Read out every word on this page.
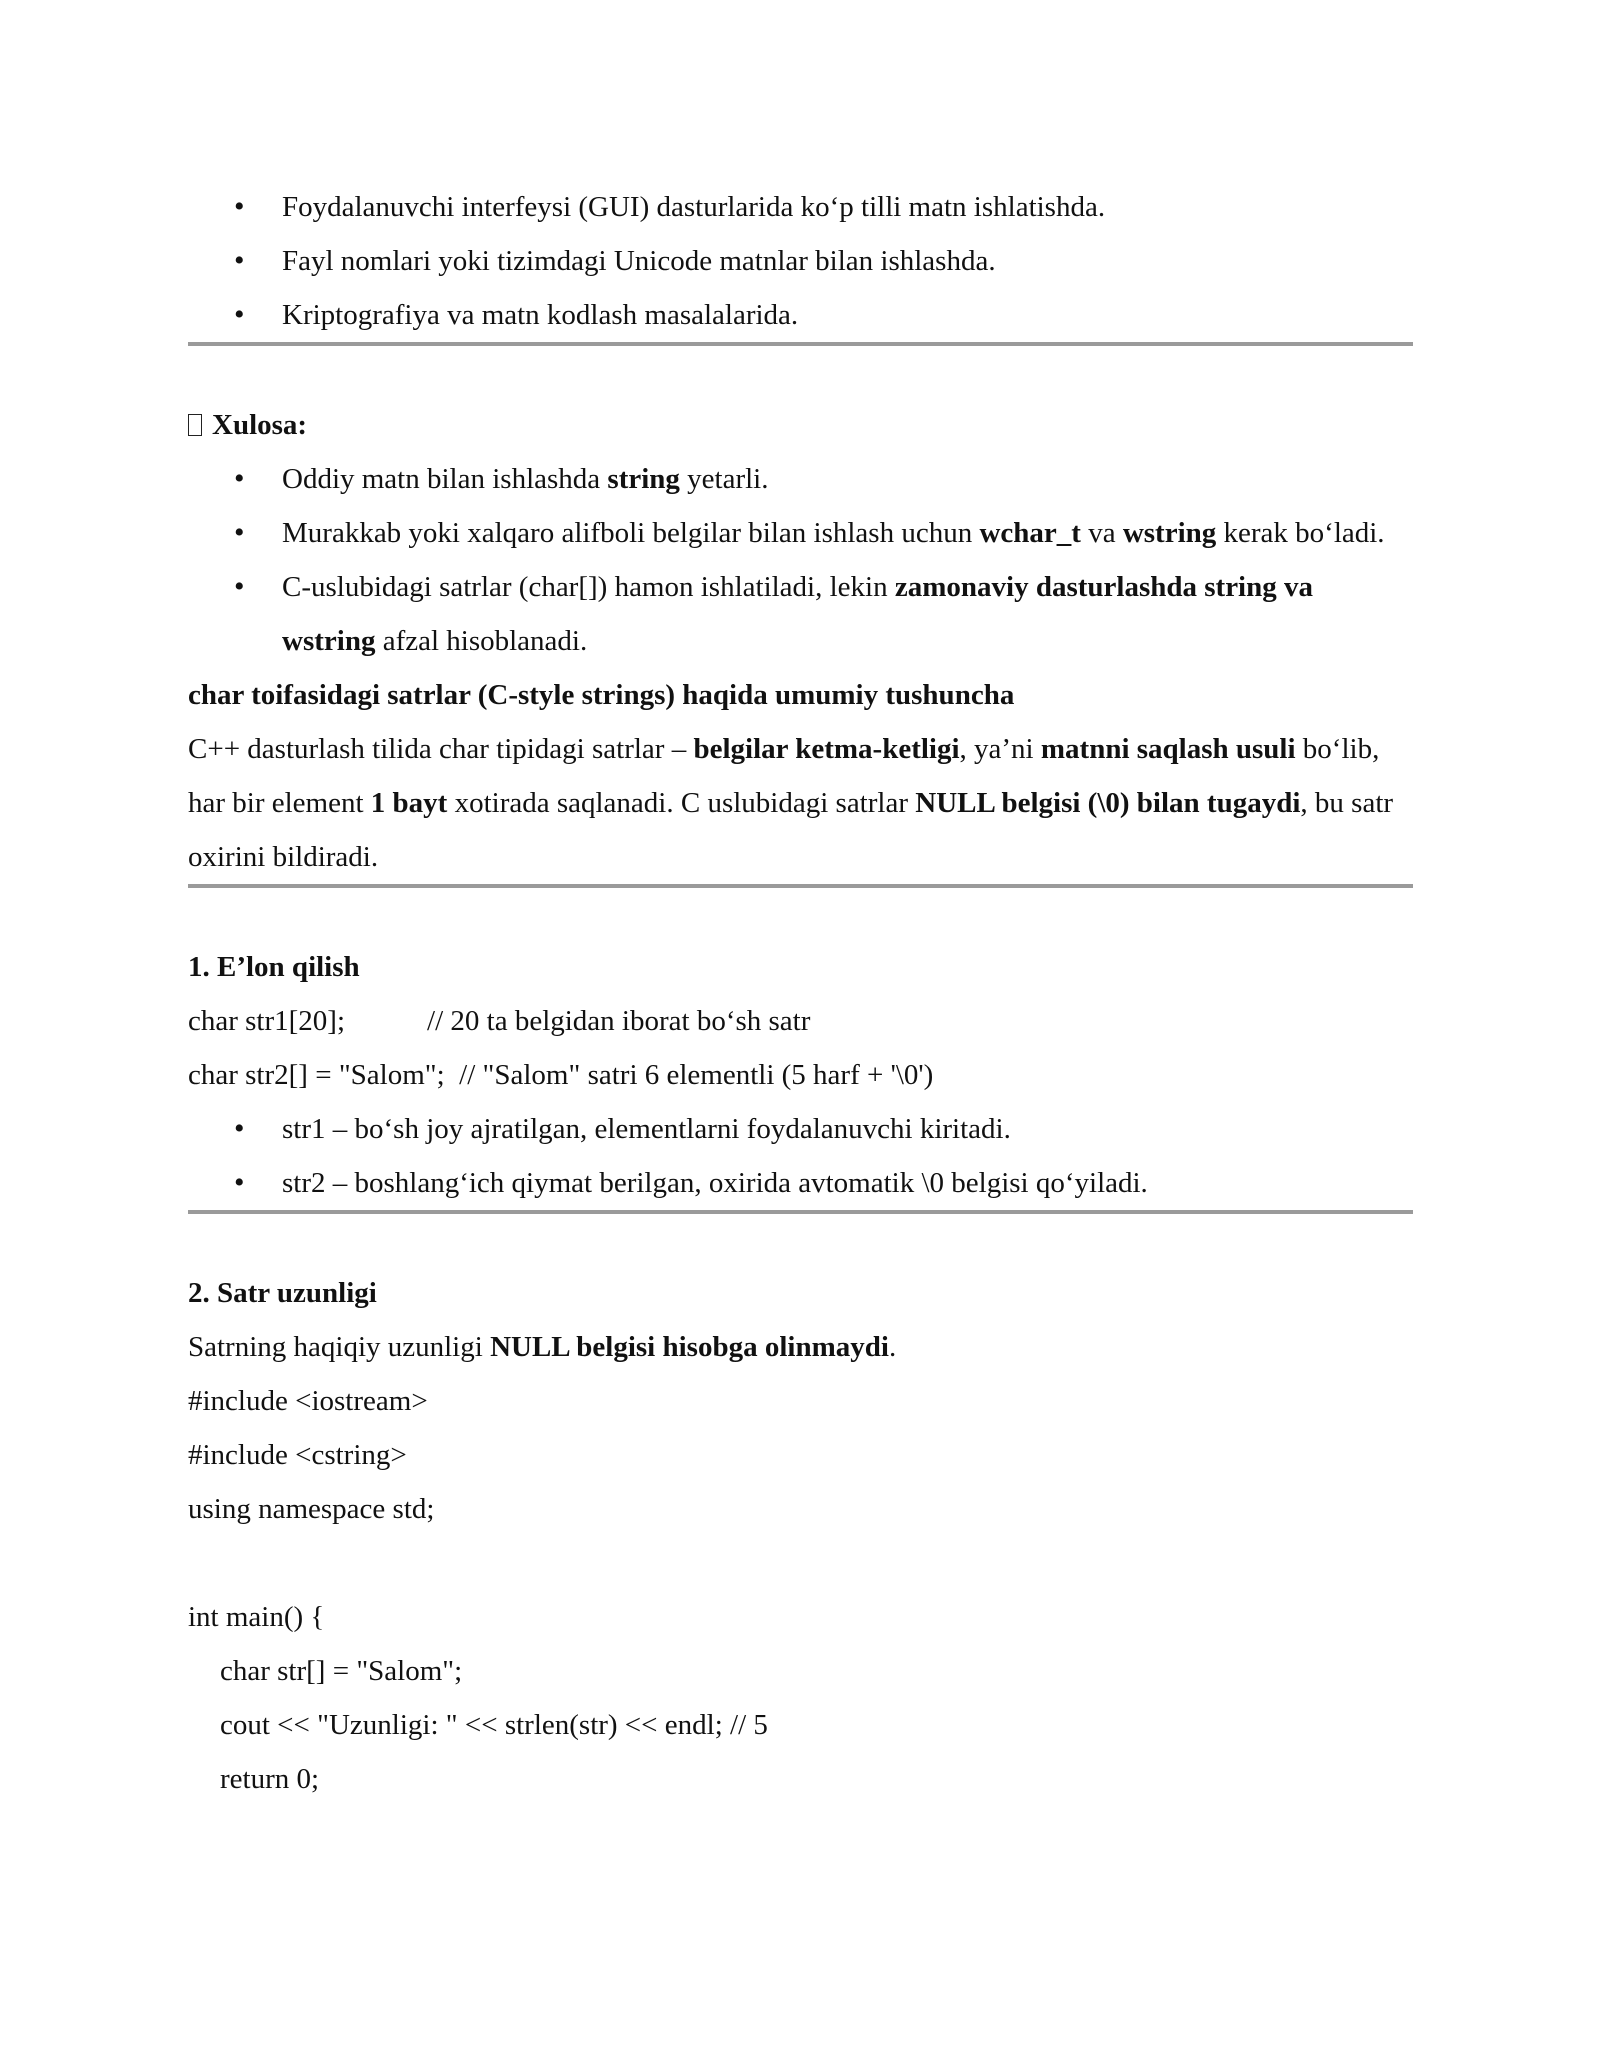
• Foydalanuvchi interfeysi (GUI) dasturlarida ko‘p tilli matn ishlatishda.
• Fayl nomlari yoki tizimdagi Unicode matnlar bilan ishlashda.
• Kriptografiya va matn kodlash masalalarida.

Xulosa:

• Oddiy matn bilan ishlashda string yetarli.
• Murakkab yoki xalqaro alifboli belgilar bilan ishlash uchun wchar_t va wstring kerak bo‘ladi.
• C-uslubidagi satrlar (char[]) hamon ishlatiladi, lekin zamonaviy dasturlashda string va wstring afzal hisoblanadi.

char toifasidagi satrlar (C-style strings) haqida umumiy tushuncha

C++ dasturlash tilida char tipidagi satrlar – belgilar ketma-ketligi, ya’ni matnni saqlash usuli bo‘lib, har bir element 1 bayt xotirada saqlanadi. C uslubidagi satrlar NULL belgisi (\0) bilan tugaydi, bu satr oxirini bildiradi.

1. E’lon qilish

char str1[20];	// 20 ta belgidan iborat bo‘sh satr

char str2[] = "Salom";  // "Salom" satri 6 elementli (5 harf + '\0')

• str1 – bo‘sh joy ajratilgan, elementlarni foydalanuvchi kiritadi.
• str2 – boshlang‘ich qiymat berilgan, oxirida avtomatik \0 belgisi qo‘yiladi.

2. Satr uzunligi

Satrning haqiqiy uzunligi NULL belgisi hisobga olinmaydi.

#include <iostream>

#include <cstring>

using namespace std;

int main() {

char str[] = "Salom";

cout << "Uzunligi: " << strlen(str) << endl; // 5

return 0;
